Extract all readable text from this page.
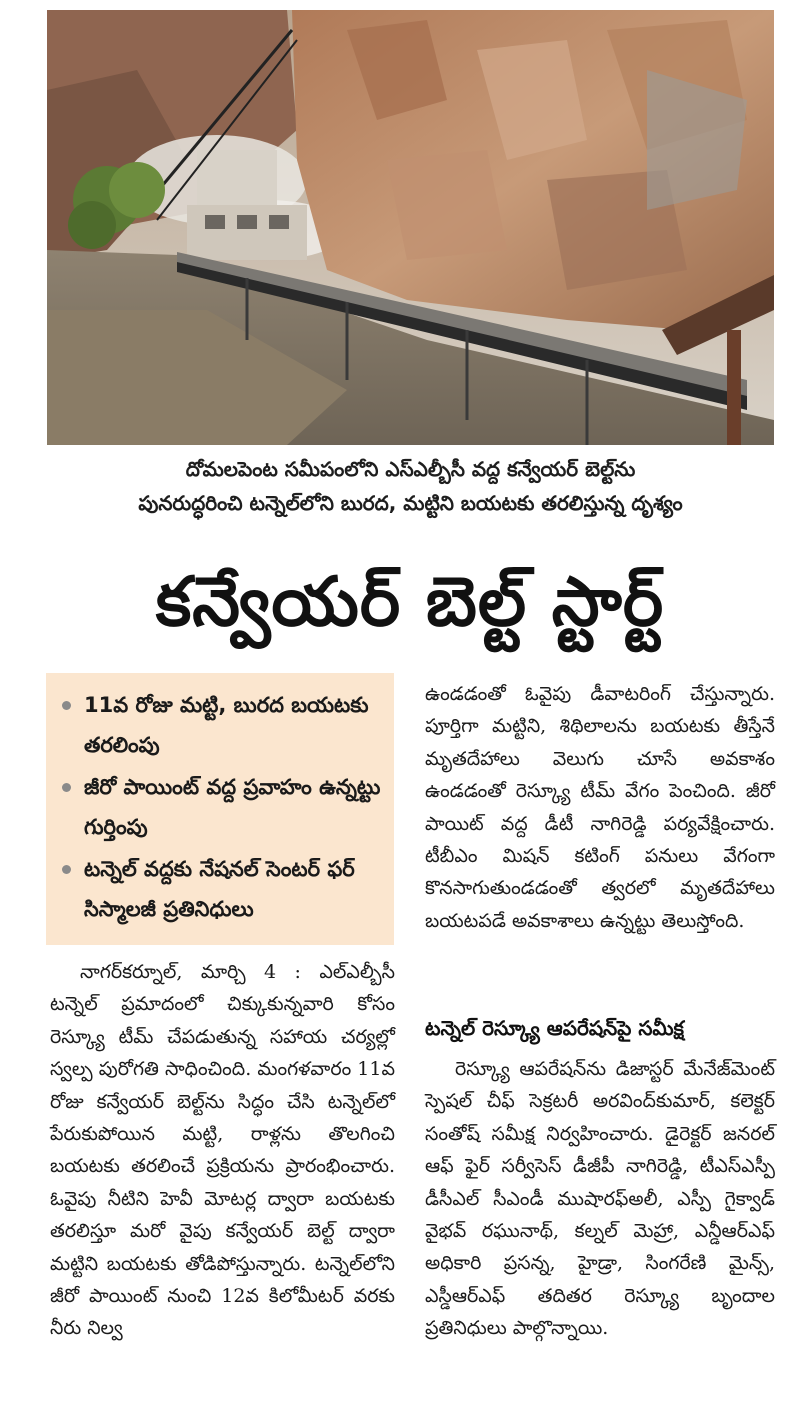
దోమలపెంట సమీపంలోని ఎస్ఎల్బీసీ వద్ద కన్వేయర్ బెల్ట్‌ను
పునరుద్ధరించి టన్నెల్‌లోని బురద, మట్టిని బయటకు తరలిస్తున్న దృశ్యం
కన్వేయర్ బెల్ట్ స్టార్ట్
11వ రోజు మట్టి, బురద బయటకు తరలింపు
జీరో పాయింట్ వద్ద ప్రవాహం ఉన్నట్టు గుర్తింపు
టన్నెల్ వద్దకు నేషనల్ సెంటర్ ఫర్ సిస్మాలజీ ప్రతినిధులు

నాగర్‌కర్నూల్, మార్చి 4 : ఎల్ఎల్బీసీ టన్నెల్ ప్రమాదంలో చిక్కుకున్నవారి కోసం రెస్క్యూ టీమ్ చేపడుతున్న సహాయ చర్యల్లో స్వల్ప పురోగతి సాధించింది. మంగళవారం 11వ రోజు కన్వేయర్ బెల్ట్‌ను సిద్ధం చేసి టన్నెల్‌లో పేరుకుపోయిన మట్టి, రాళ్లను తొలగించి బయటకు తరలించే ప్రక్రియను ప్రారంభించారు. ఓవైపు నీటిని హెవీ మోటర్ల ద్వారా బయటకు తరలిస్తూ మరో వైపు కన్వేయర్ బెల్ట్ ద్వారా మట్టిని బయటకు తోడిపోస్తున్నారు. టన్నెల్‌లోని జీరో పాయింట్ నుంచి 12వ కిలోమీటర్ వరకు నీరు నిల్వ

ఉండడంతో ఓవైపు డీవాటరింగ్ చేస్తున్నారు. పూర్తిగా మట్టిని, శిథిలాలను బయటకు తీస్తేనే మృతదేహాలు వెలుగు చూసే అవకాశం ఉండడంతో రెస్క్యూ టీమ్ వేగం పెంచింది. జీరో పాయిట్ వద్ద డీటీ నాగిరెడ్డి పర్యవేక్షించారు. టీబీఎం మిషన్ కటింగ్ పనులు వేగంగా కొనసాగుతుండడంతో త్వరలో మృతదేహాలు బయటపడే అవకాశాలు ఉన్నట్టు తెలుస్తోంది.

టన్నెల్ రెస్క్యూ ఆపరేషన్‌పై సమీక్ష

రెస్క్యూ ఆపరేషన్‌ను డిజాస్టర్ మేనేజ్‌మెంట్ స్పెషల్ చీఫ్ సెక్రటరీ అరవింద్‌కుమార్, కలెక్టర్ సంతోష్ సమీక్ష నిర్వహించారు. డైరెక్టర్ జనరల్ ఆఫ్ ఫైర్ సర్వీసెస్ డీజీపీ నాగిరెడ్డి, టీఎస్ఎస్పీ డీసీఎల్ సీఎండీ ముషారఫ్‌అలీ, ఎస్పీ గైక్వాడ్ వైభవ్ రఘునాథ్, కల్నల్ మెహ్రా, ఎన్డీఆర్ఎఫ్ అధికారి ప్రసన్న, హైడ్రా, సింగరేణి మైన్స్, ఎస్డీఆర్ఎఫ్ తదితర రెస్క్యూ బృందాల ప్రతినిధులు పాల్గొన్నాయి.
